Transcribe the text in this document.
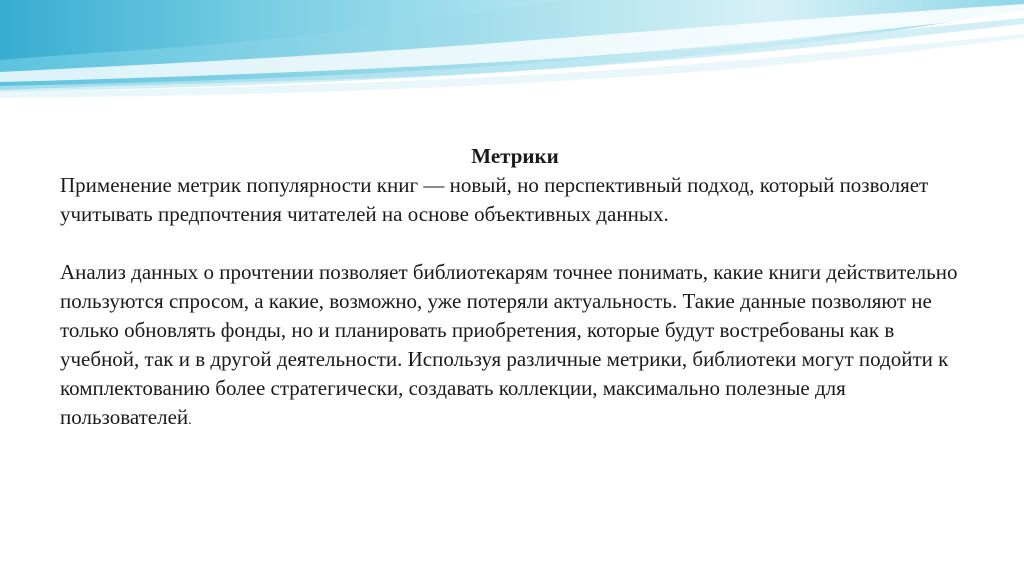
Метрики

Применение метрик популярности книг — новый, но перспективный подход, который позволяет учитывать предпочтения читателей на основе объективных данных.

Анализ данных о прочтении позволяет библиотекарям точнее понимать, какие книги действительно пользуются спросом, а какие, возможно, уже потеряли актуальность. Такие данные позволяют не только обновлять фонды, но и планировать приобретения, которые будут востребованы как в учебной, так и в другой деятельности. Используя различные метрики, библиотеки могут подойти к комплектованию более стратегически, создавать коллекции, максимально полезные для пользователей.
